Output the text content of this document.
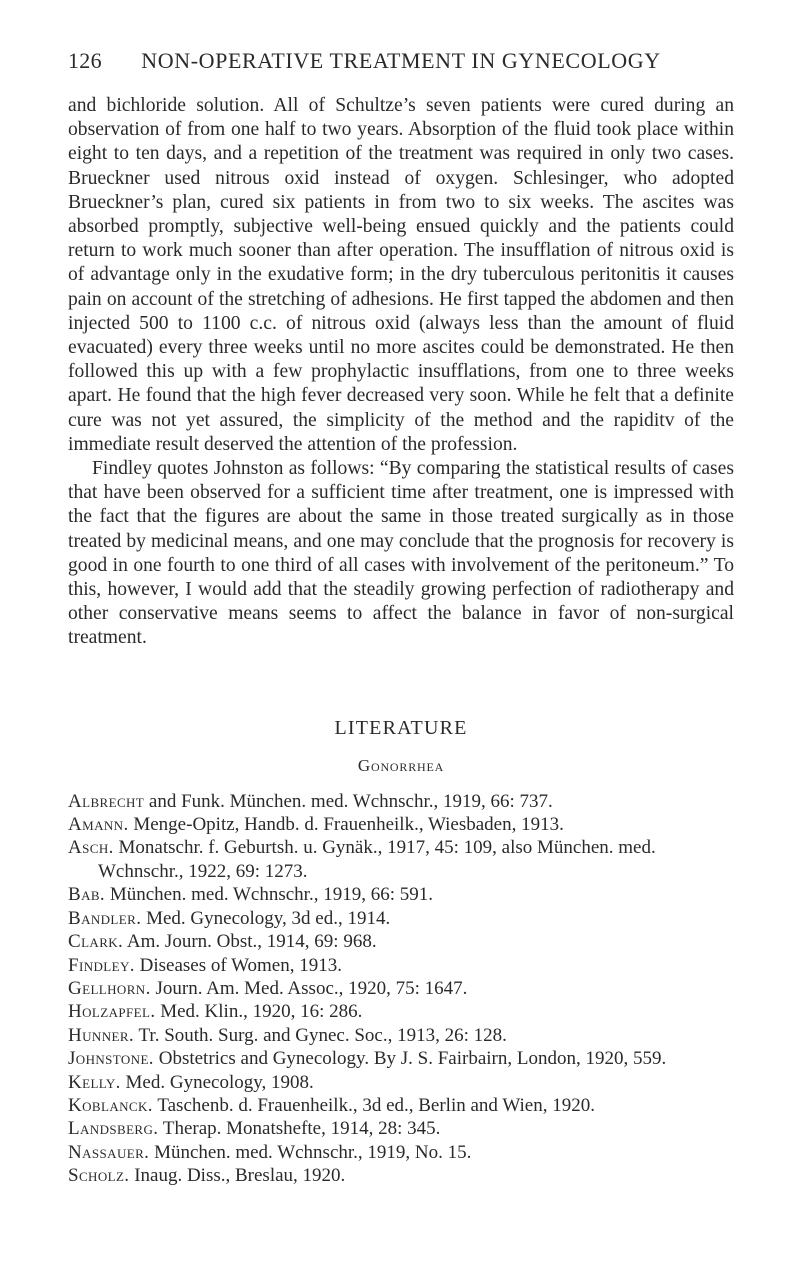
126	NON-OPERATIVE TREATMENT IN GYNECOLOGY

and bichloride solution. All of Schultze’s seven patients were cured during an observation of from one half to two years. Absorption of the fluid took place within eight to ten days, and a repetition of the treatment was required in only two cases. Brueckner used nitrous oxid instead of oxygen. Schlesinger, who adopted Brueckner’s plan, cured six patients in from two to six weeks. The ascites was absorbed promptly, subjective well-being ensued quickly and the patients could return to work much sooner than after operation. The insufflation of nitrous oxid is of advantage only in the exudative form; in the dry tuberculous peritonitis it causes pain on account of the stretching of adhesions. He first tapped the abdomen and then injected 500 to 1100 c.c. of nitrous oxid (always less than the amount of fluid evacuated) every three weeks until no more ascites could be demonstrated. He then followed this up with a few prophylactic insufflations, from one to three weeks apart. He found that the high fever decreased very soon. While he felt that a definite cure was not yet assured, the simplicity of the method and the rapiditv of the immediate result deserved the attention of the profession.

Findley quotes Johnston as follows: “By comparing the statistical results of cases that have been observed for a sufficient time after treatment, one is impressed with the fact that the figures are about the same in those treated surgically as in those treated by medicinal means, and one may conclude that the prognosis for recovery is good in one fourth to one third of all cases with involvement of the peritoneum.” To this, however, I would add that the steadily growing perfection of radiotherapy and other conservative means seems to affect the balance in favor of non-surgical treatment.

LITERATURE
Gonorrhea
Albrecht and Funk. München. med. Wchnschr., 1919, 66: 737.
Amann. Menge-Opitz, Handb. d. Frauenheilk., Wiesbaden, 1913.
Asch. Monatschr. f. Geburtsh. u. Gynäk., 1917, 45: 109, also München. med. Wchnschr., 1922, 69: 1273.
Bab. München. med. Wchnschr., 1919, 66: 591.
Bandler. Med. Gynecology, 3d ed., 1914.
Clark. Am. Journ. Obst., 1914, 69: 968.
Findley. Diseases of Women, 1913.
Gellhorn. Journ. Am. Med. Assoc., 1920, 75: 1647.
Holzapfel. Med. Klin., 1920, 16: 286.
Hunner. Tr. South. Surg. and Gynec. Soc., 1913, 26: 128.
Johnstone. Obstetrics and Gynecology. By J. S. Fairbairn, London, 1920, 559.
Kelly. Med. Gynecology, 1908.
Koblanck. Taschenb. d. Frauenheilk., 3d ed., Berlin and Wien, 1920.
Landsberg. Therap. Monatshefte, 1914, 28: 345.
Nassauer. München. med. Wchnschr., 1919, No. 15.
Scholz. Inaug. Diss., Breslau, 1920.
